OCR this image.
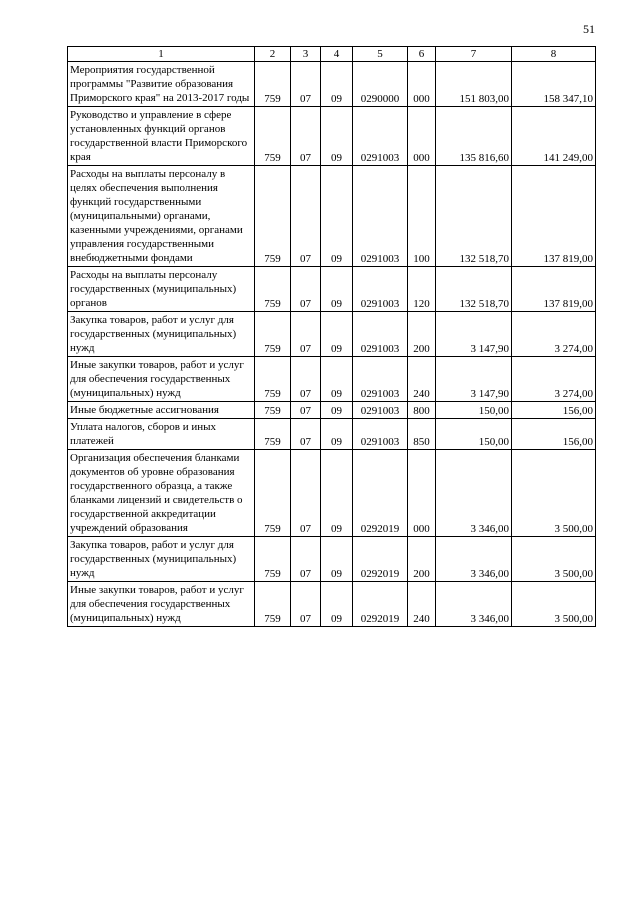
51
1	2	3	4	5	6	7	8
Мероприятия государственной программы "Развитие образования Приморского края" на 2013-2017 годы	759	07	09	0290000	000	151 803,00	158 347,10
Руководство и управление в сфере установленных функций органов государственной власти Приморского края	759	07	09	0291003	000	135 816,60	141 249,00
Расходы на выплаты персоналу в целях обеспечения выполнения функций государственными (муниципальными) органами, казенными учреждениями, органами управления государственными внебюджетными фондами	759	07	09	0291003	100	132 518,70	137 819,00
Расходы на выплаты персоналу государственных (муниципальных) органов	759	07	09	0291003	120	132 518,70	137 819,00
Закупка товаров, работ и услуг для государственных (муниципальных) нужд	759	07	09	0291003	200	3 147,90	3 274,00
Иные закупки товаров, работ и услуг для обеспечения государственных (муниципальных) нужд	759	07	09	0291003	240	3 147,90	3 274,00
Иные бюджетные ассигнования	759	07	09	0291003	800	150,00	156,00
Уплата налогов, сборов и иных платежей	759	07	09	0291003	850	150,00	156,00
Организация обеспечения бланками документов об уровне образования государственного образца, а также бланками лицензий и свидетельств о государственной аккредитации учреждений образования	759	07	09	0292019	000	3 346,00	3 500,00
Закупка товаров, работ и услуг для государственных (муниципальных) нужд	759	07	09	0292019	200	3 346,00	3 500,00
Иные закупки товаров, работ и услуг для обеспечения государственных (муниципальных) нужд	759	07	09	0292019	240	3 346,00	3 500,00
